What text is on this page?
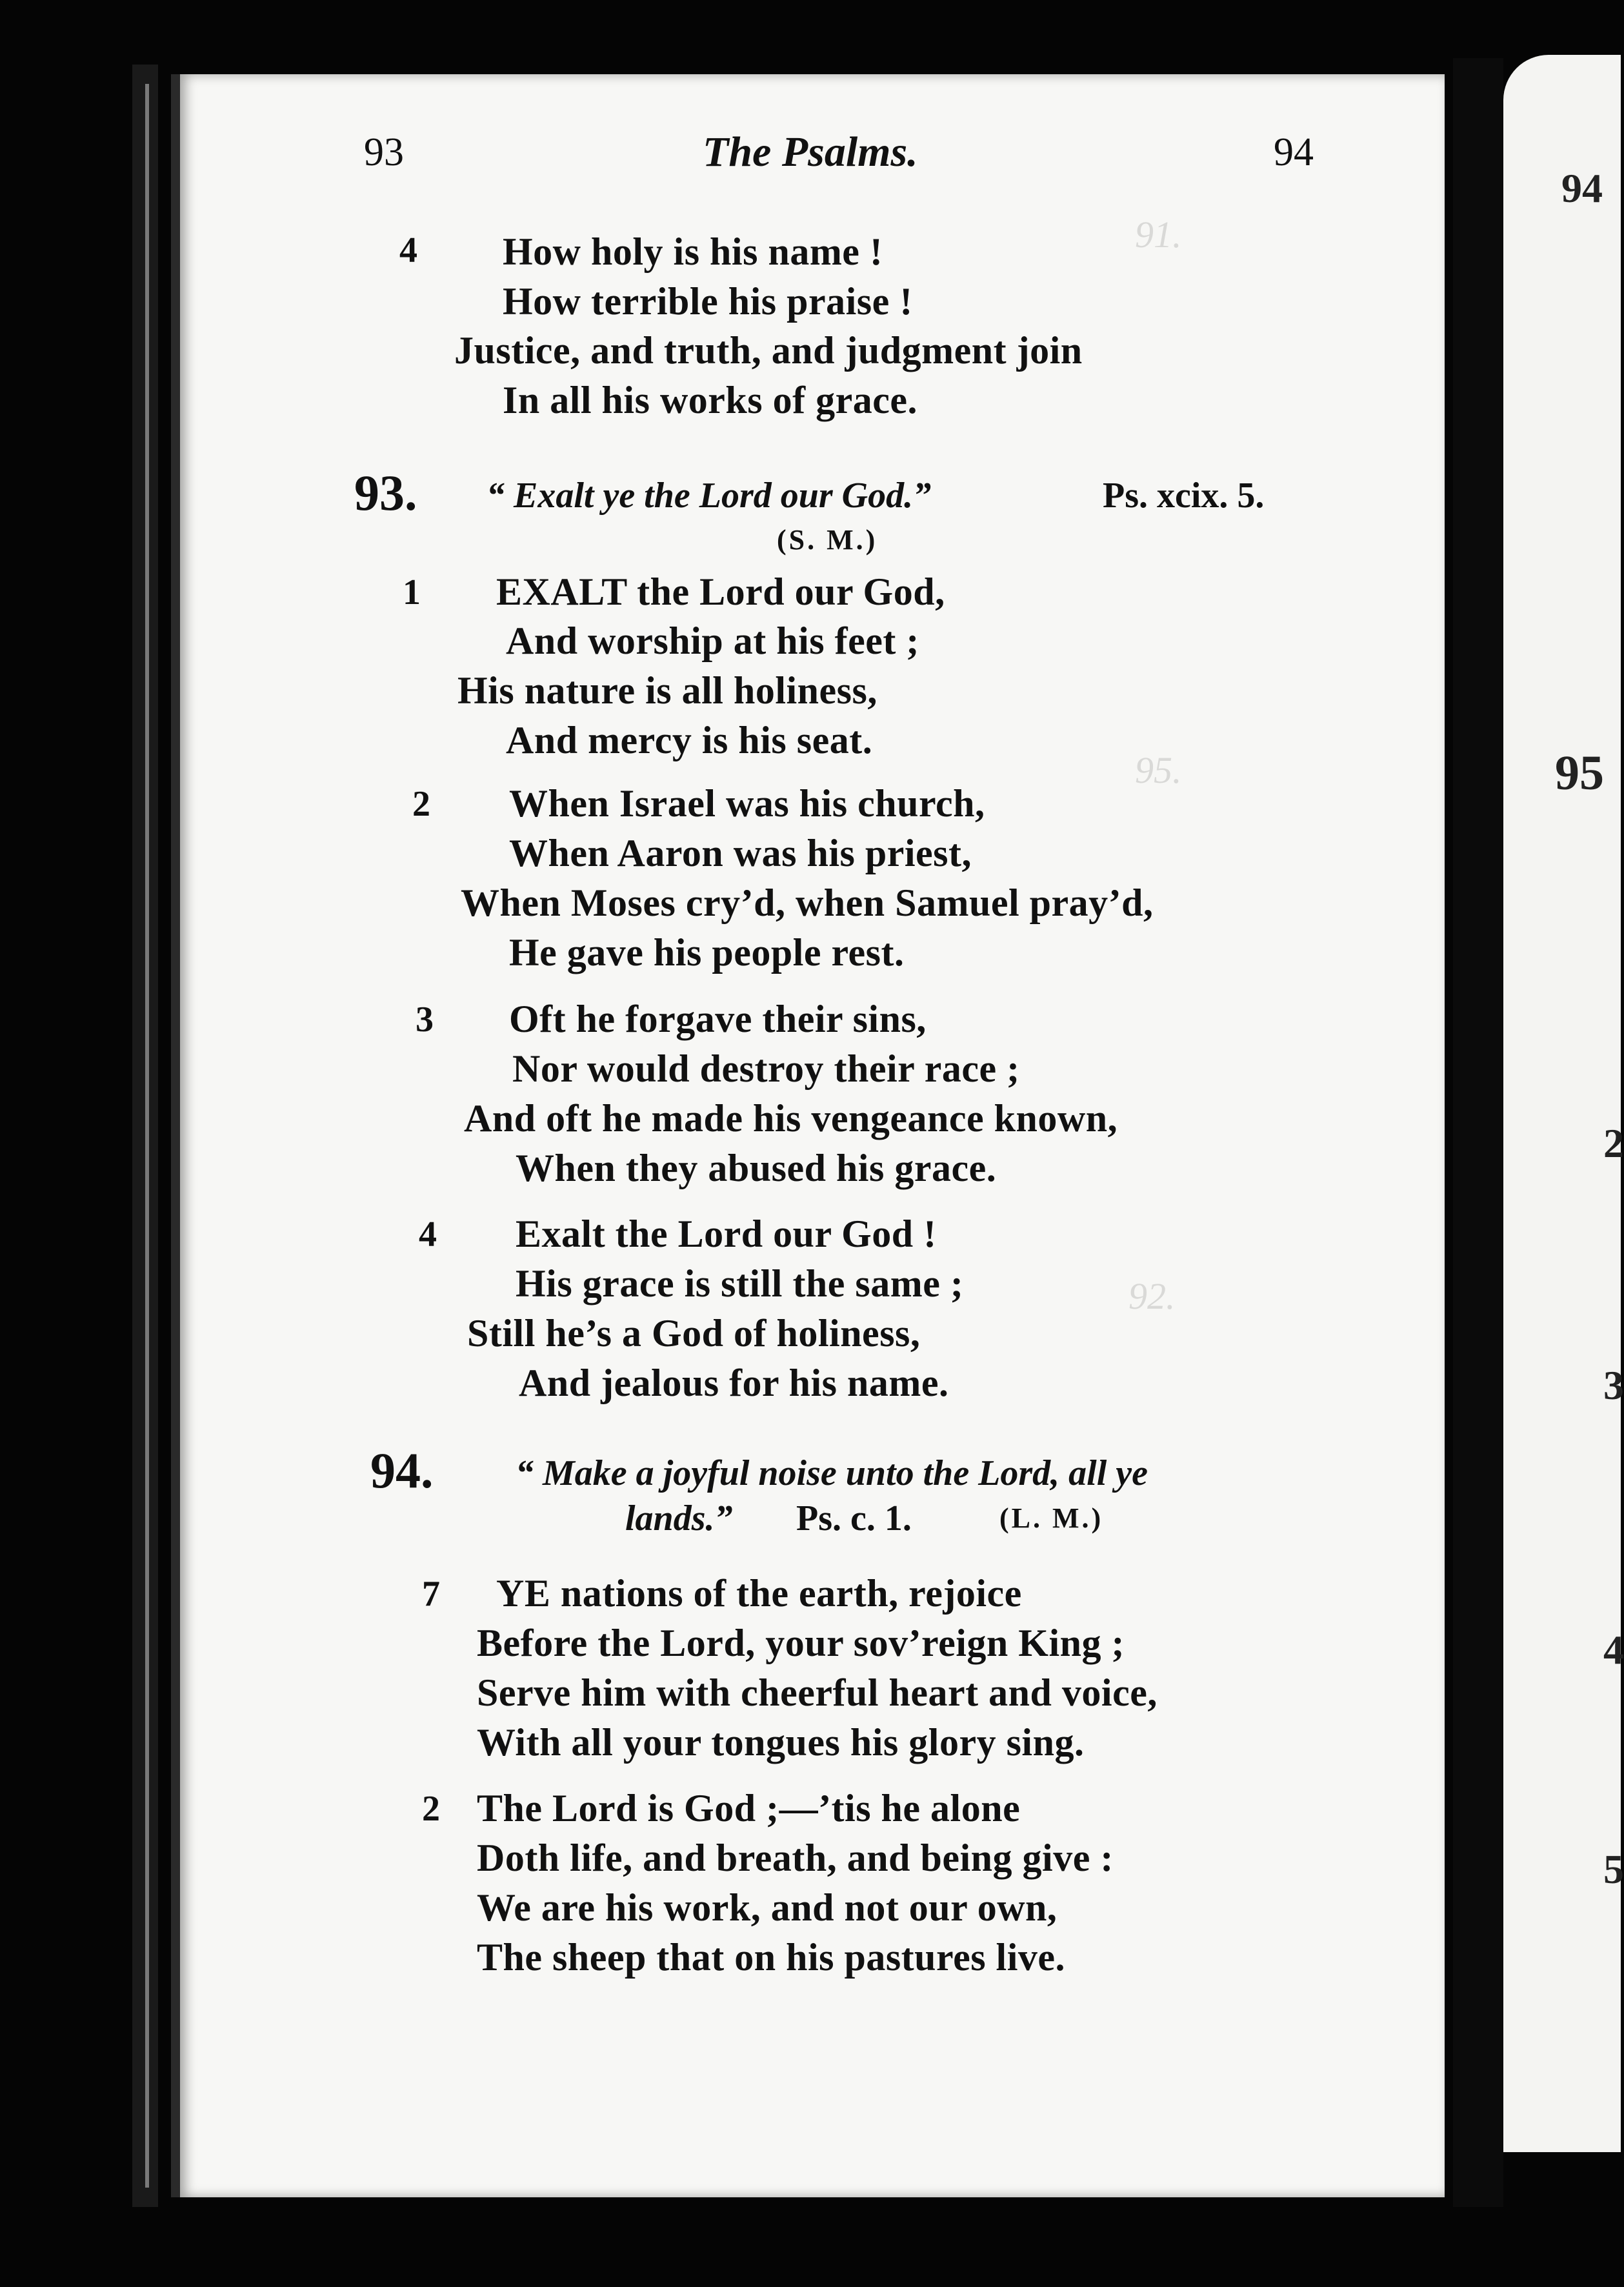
94
95
2
3
4
5
91.
95.
92.
93	The Psalms.	94
4 How holy is his name !
How terrible his praise !
Justice, and truth, and judgment join
In all his works of grace.
93. “ Exalt ye the Lord our God.”	Ps. xcix. 5.
(S. M.)
1 EXALT the Lord our God,
And worship at his feet ;
His nature is all holiness,
And mercy is his seat.
2 When Israel was his church,
When Aaron was his priest,
When Moses cry’d, when Samuel pray’d,
He gave his people rest.
3 Oft he forgave their sins,
Nor would destroy their race ;
And oft he made his vengeance known,
When they abused his grace.
4 Exalt the Lord our God !
His grace is still the same ;
Still he’s a God of holiness,
And jealous for his name.
94. “ Make a joyful noise unto the Lord, all ye
lands.” Ps. c. 1.	(L. M.)
7 YE nations of the earth, rejoice
Before the Lord, your sov’reign King ;
Serve him with cheerful heart and voice,
With all your tongues his glory sing.
2 The Lord is God ;—’tis he alone
Doth life, and breath, and being give :
We are his work, and not our own,
The sheep that on his pastures live.
